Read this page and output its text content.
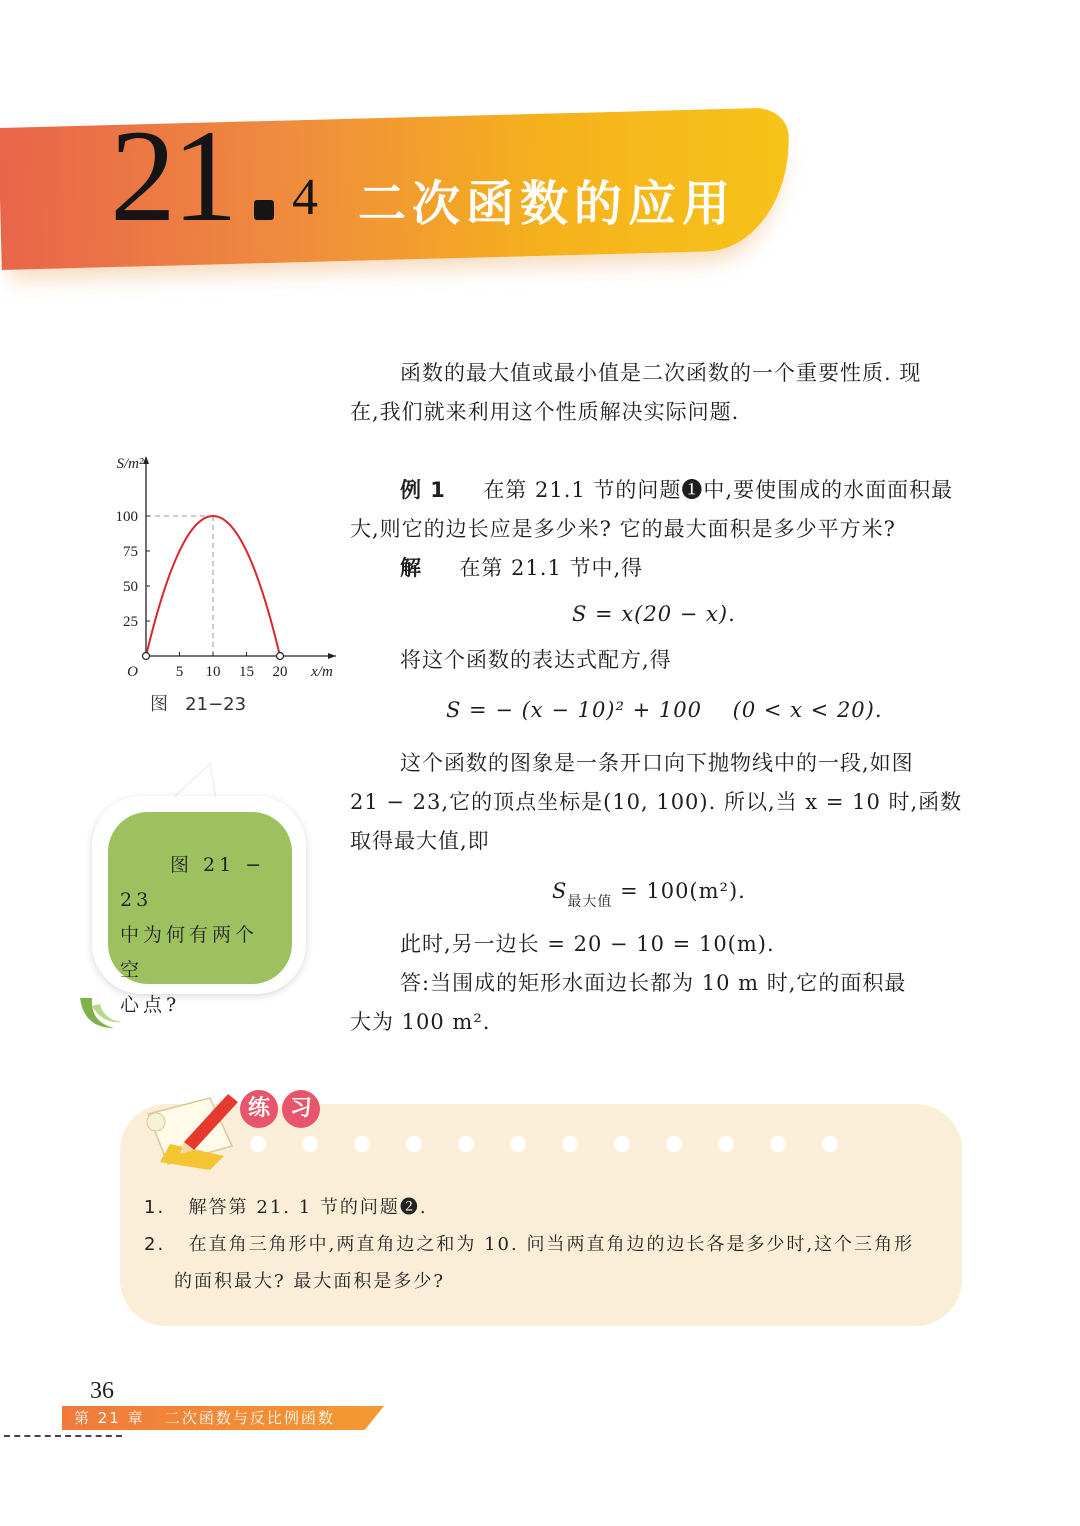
21 4 二次函数的应用
函数的最大值或最小值是二次函数的一个重要性质. 现
在,我们就来利用这个性质解决实际问题.
例 1 在第 21.1 节的问题❶中,要使围成的水面面积最
大,则它的边长应是多少米? 它的最大面积是多少平方米?
解 在第 21.1 节中,得
S = x(20 − x).
将这个函数的表达式配方,得
S = − (x − 10)² + 100    (0 < x < 20).
这个函数的图象是一条开口向下抛物线中的一段,如图
21 − 23,它的顶点坐标是(10, 100). 所以,当 x = 10 时,函数
取得最大值,即
$S_{最大值} = 100(m^2)$.
此时,另一边长 = 20 − 10 = 10(m).
答:当围成的矩形水面边长都为 10 m 时,它的面积最
大为 100 m².
5 10 15 20
25
50
75
100
O	x/m
S/m²
图   21−23
图 21 − 23
中为何有两个空
心点?
练 习
1. 解答第 21. 1 节的问题❷.
2. 在直角三角形中,两直角边之和为 10. 问当两直角边的边长各是多少时,这个三角形
的面积最大? 最大面积是多少?
36
第 21 章   二次函数与反比例函数
